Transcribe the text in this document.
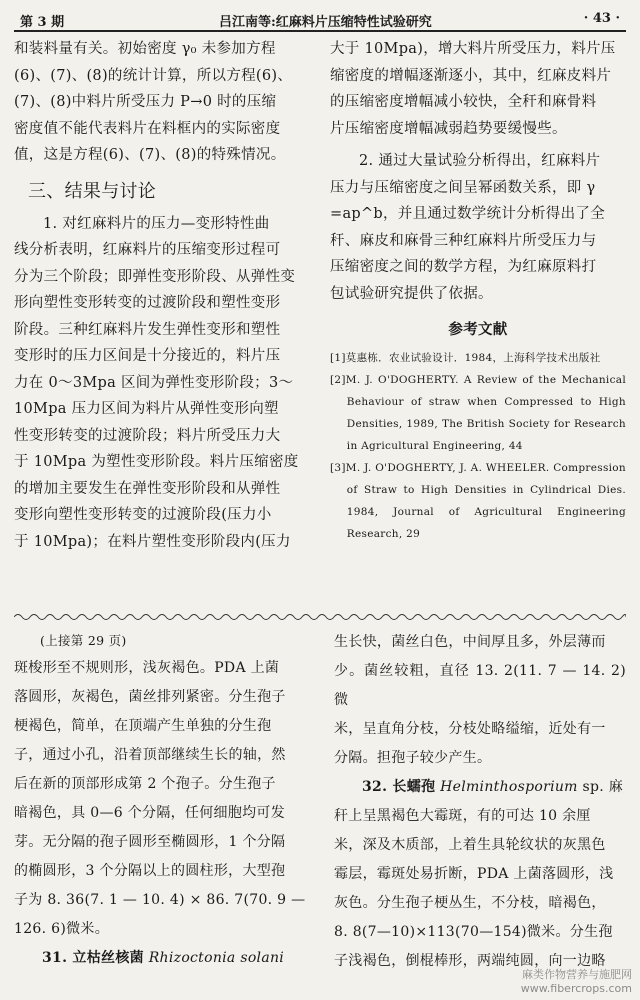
第 3 期	吕江南等:红麻料片压缩特性试验研究	· 43 ·

和装料量有关。初始密度 γ₀ 未参加方程

(6)、(7)、(8)的统计计算，所以方程(6)、

(7)、(8)中料片所受压力 P→0 时的压缩

密度值不能代表料片在料框内的实际密度

值，这是方程(6)、(7)、(8)的特殊情况。

三、结果与讨论

1. 对红麻料片的压力—变形特性曲

线分析表明，红麻料片的压缩变形过程可

分为三个阶段；即弹性变形阶段、从弹性变

形向塑性变形转变的过渡阶段和塑性变形

阶段。三种红麻料片发生弹性变形和塑性

变形时的压力区间是十分接近的，料片压

力在 0～3Mpa 区间为弹性变形阶段；3～

10Mpa 压力区间为料片从弹性变形向塑

性变形转变的过渡阶段；料片所受压力大

于 10Mpa 为塑性变形阶段。料片压缩密度

的增加主要发生在弹性变形阶段和从弹性

变形向塑性变形转变的过渡阶段(压力小

于 10Mpa)；在料片塑性变形阶段内(压力

大于 10Mpa)，增大料片所受压力，料片压

缩密度的增幅逐渐逐小，其中，红麻皮料片

的压缩密度增幅减小较快，全秆和麻骨料

片压缩密度增幅减弱趋势要缓慢些。

2. 通过大量试验分析得出，红麻料片

压力与压缩密度之间呈幂函数关系，即 γ

=ap^b，并且通过数学统计分析得出了全

秆、麻皮和麻骨三种红麻料片所受压力与

压缩密度之间的数学方程，为红麻原料打

包试验研究提供了依据。

参考文献

[1]莫惠栋．农业试验设计．1984，上海科学技术出版社

[2]M. J. O'DOGHERTY. A Review of the Mechanical Behaviour of straw when Compressed to High Densities, 1989, The British Society for Research in Agricultural Engineering, 44

[3]M. J. O'DOGHERTY, J. A. WHEELER. Compression of Straw to High Densities in Cylindrical Dies. 1984, Journal of Agricultural Engineering Research, 29

(上接第 29 页)

斑梭形至不规则形，浅灰褐色。PDA 上菌

落圆形，灰褐色，菌丝排列紧密。分生孢子

梗褐色，简单，在顶端产生单独的分生孢

子，通过小孔，沿着顶部继续生长的轴，然

后在新的顶部形成第 2 个孢子。分生孢子

暗褐色，具 0—6 个分隔，任何细胞均可发

芽。无分隔的孢子圆形至椭圆形，1 个分隔

的椭圆形，3 个分隔以上的圆柱形，大型孢

子为 8. 36(7. 1 — 10. 4) × 86. 7(70. 9 —

126. 6)微米。

31. 立枯丝核菌 Rhizoctonia solani

生长快，菌丝白色，中间厚且多，外层薄而

少。菌丝较粗，直径 13. 2(11. 7 — 14. 2)微

米，呈直角分枝，分枝处略缢缩，近处有一

分隔。担孢子较少产生。

32. 长蠕孢 Helminthosporium sp. 麻

秆上呈黑褐色大霉斑，有的可达 10 余厘

米，深及木质部，上着生具轮纹状的灰黑色

霉层，霉斑处易折断，PDA 上菌落圆形，浅

灰色。分生孢子梗丛生，不分枝，暗褐色，

8. 8(7—10)×113(70—154)微米。分生孢

子浅褐色，倒棍棒形，两端纯圆，向一边略

麻类作物营养与施肥网
www.fibercrops.com
